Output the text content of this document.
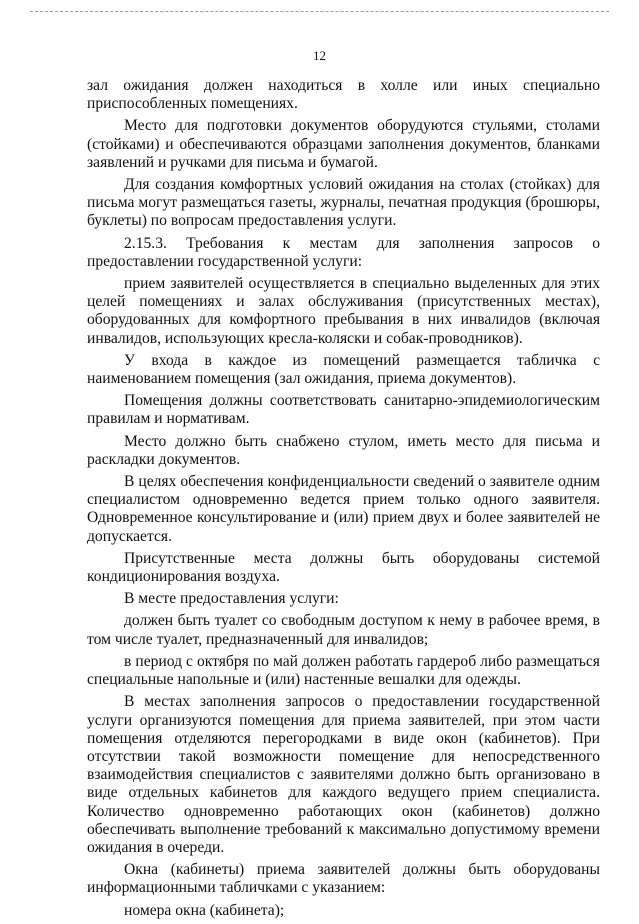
12

зал ожидания должен находиться в холле или иных специально приспособленных помещениях.

Место для подготовки документов оборудуются стульями, столами (стойками) и обеспечиваются образцами заполнения документов, бланками заявлений и ручками для письма и бумагой.

Для создания комфортных условий ожидания на столах (стойках) для письма могут размещаться газеты, журналы, печатная продукция (брошюры, буклеты) по вопросам предоставления услуги.

2.15.3. Требования к местам для заполнения запросов о предоставлении государственной услуги:

прием заявителей осуществляется в специально выделенных для этих целей помещениях и залах обслуживания (присутственных местах), оборудованных для комфортного пребывания в них инвалидов (включая инвалидов, использующих кресла-коляски и собак-проводников).

У входа в каждое из помещений размещается табличка с наименованием помещения (зал ожидания, приема документов).

Помещения должны соответствовать санитарно-эпидемиологическим правилам и нормативам.

Место должно быть снабжено стулом, иметь место для письма и раскладки документов.

В целях обеспечения конфиденциальности сведений о заявителе одним специалистом одновременно ведется прием только одного заявителя. Одновременное консультирование и (или) прием двух и более заявителей не допускается.

Присутственные места должны быть оборудованы системой кондиционирования воздуха.

В месте предоставления услуги:

должен быть туалет со свободным доступом к нему в рабочее время, в том числе туалет, предназначенный для инвалидов;

в период с октября по май должен работать гардероб либо размещаться специальные напольные и (или) настенные вешалки для одежды.

В местах заполнения запросов о предоставлении государственной услуги организуются помещения для приема заявителей, при этом части помещения отделяются перегородками в виде окон (кабинетов). При отсутствии такой возможности помещение для непосредственного взаимодействия специалистов с заявителями должно быть организовано в виде отдельных кабинетов для каждого ведущего прием специалиста. Количество одновременно работающих окон (кабинетов) должно обеспечивать выполнение требований к максимально допустимому времени ожидания в очереди.

Окна (кабинеты) приема заявителей должны быть оборудованы информационными табличками с указанием:

номера окна (кабинета);
